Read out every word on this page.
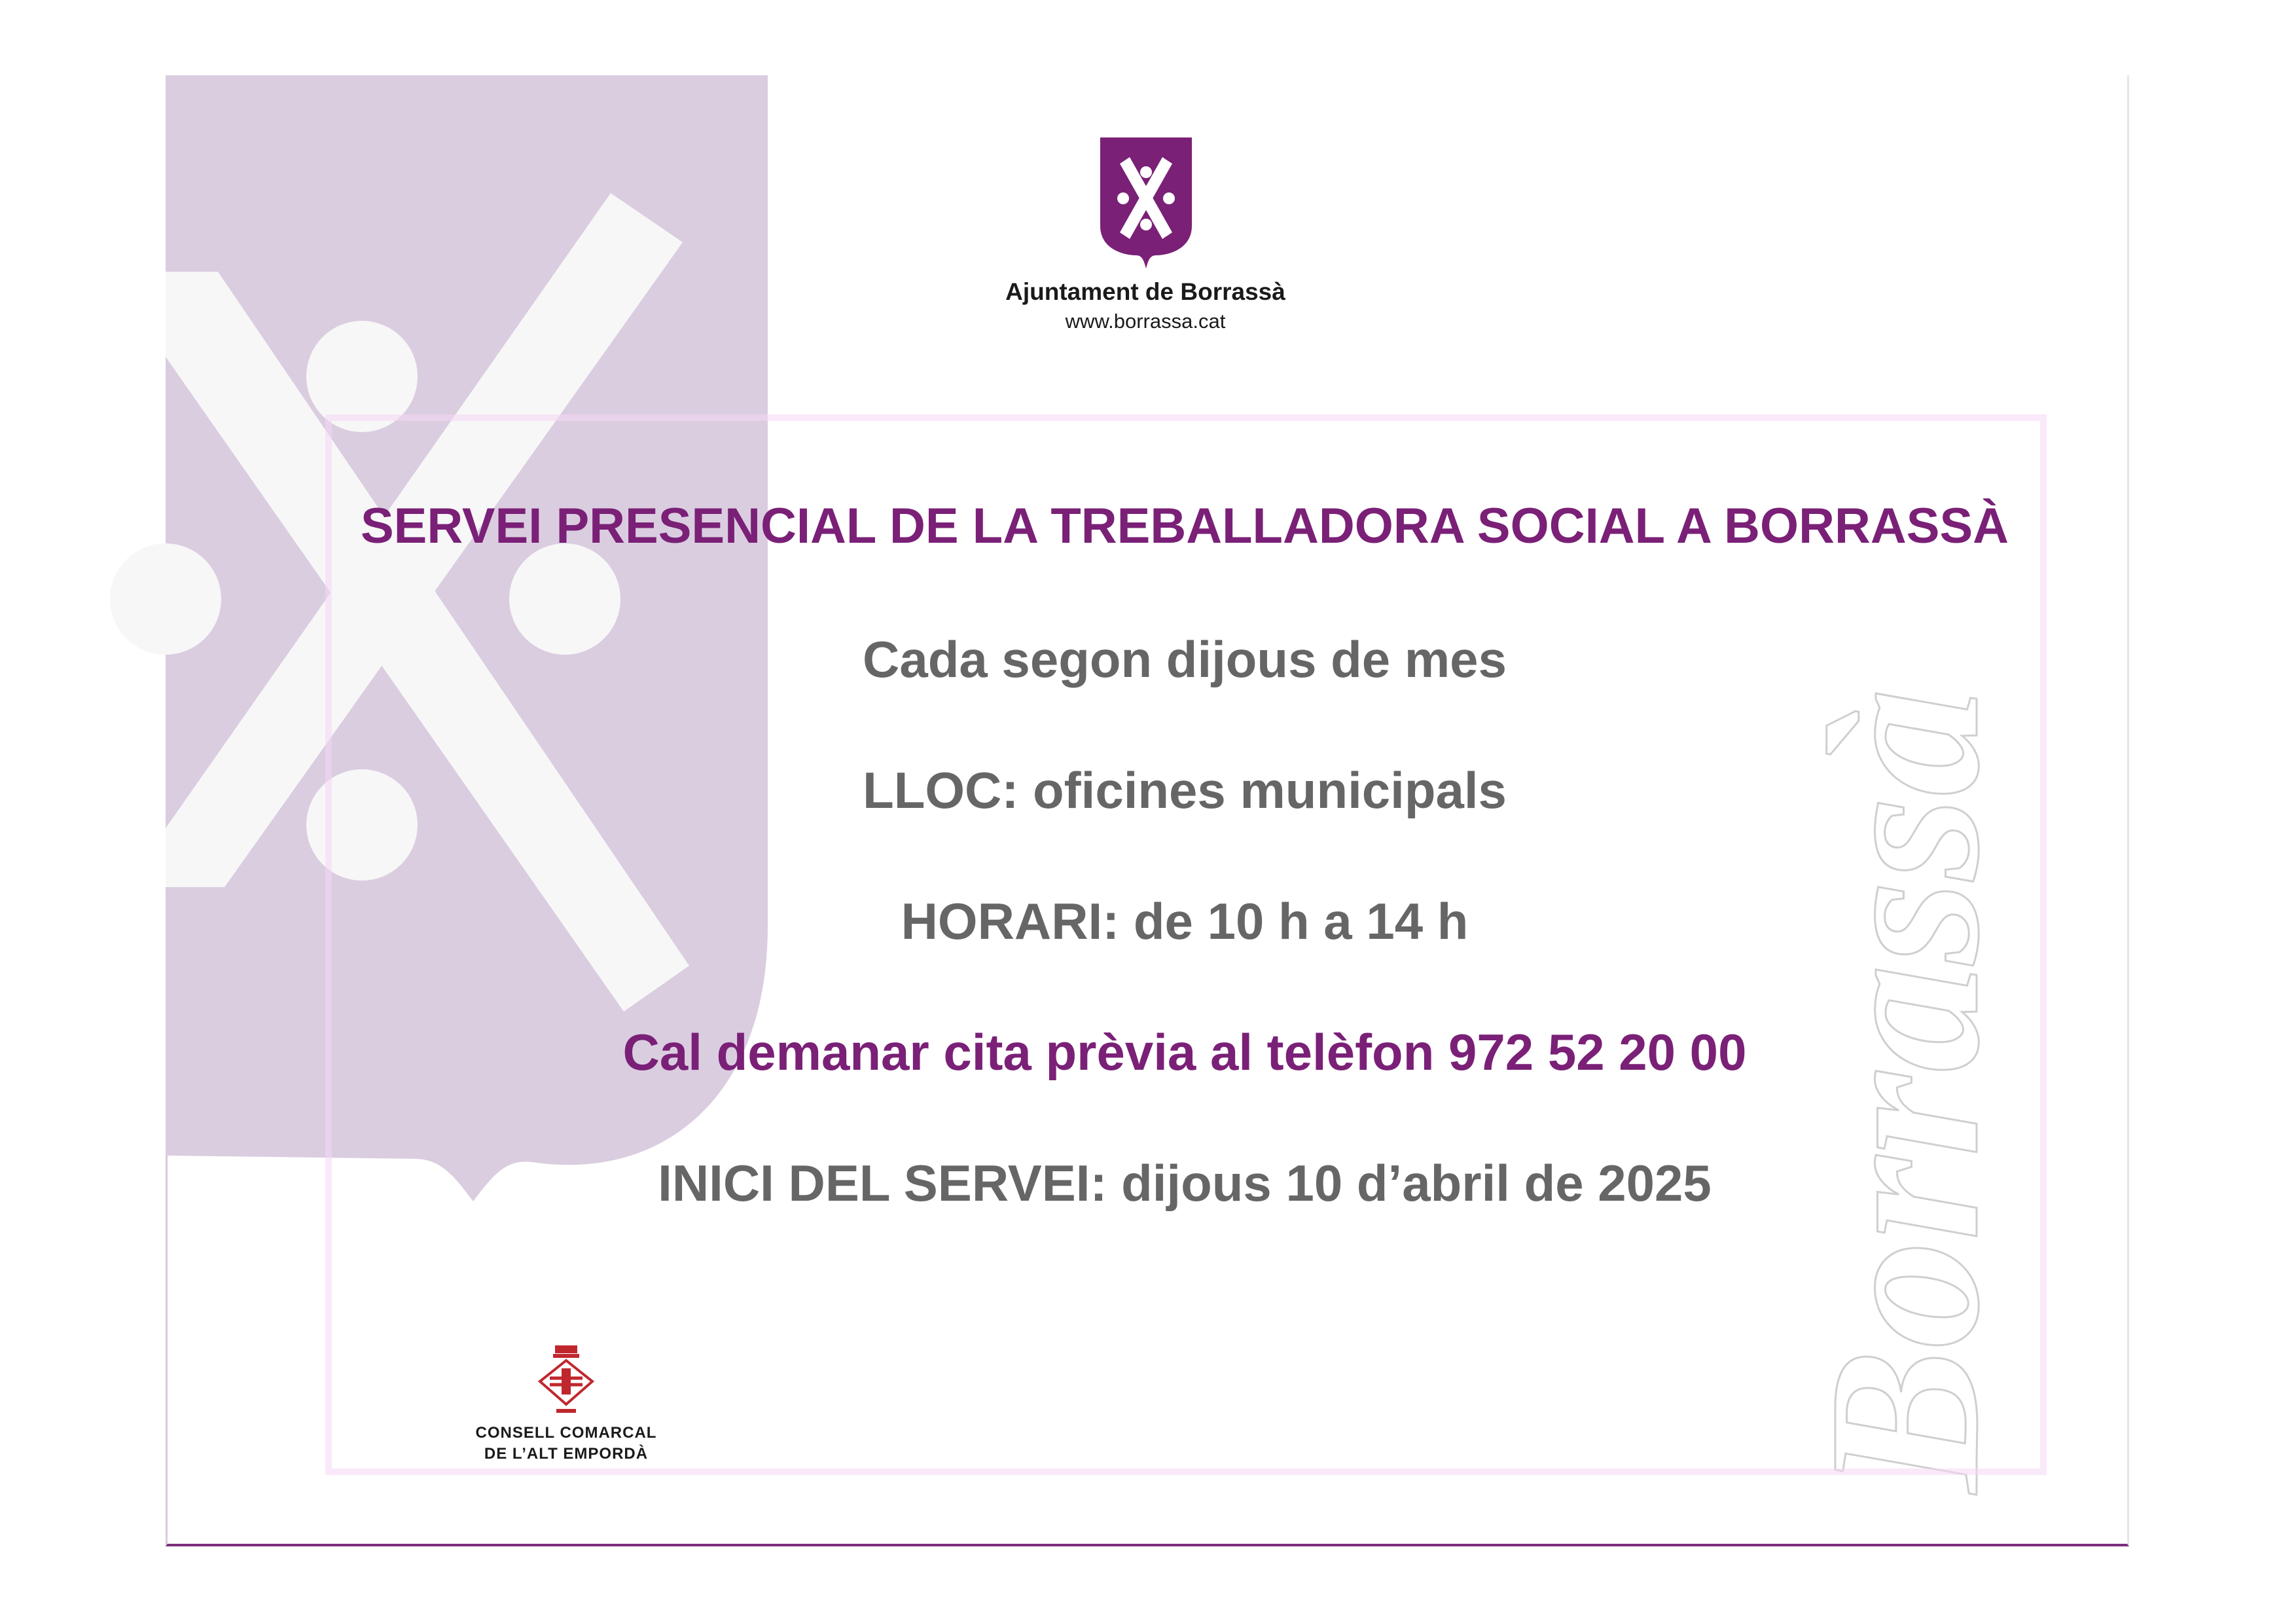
Borrassà
Ajuntament de Borrassà
www.borrassa.cat
SERVEI PRESENCIAL DE LA TREBALLADORA SOCIAL A BORRASSÀ
Cada segon dijous de mes
LLOC: oficines municipals
HORARI: de 10 h a 14 h
Cal demanar cita prèvia al telèfon 972 52 20 00
INICI DEL SERVEI: dijous 10 d’abril de 2025
CONSELL COMARCAL
DE L’ALT EMPORDÀ
